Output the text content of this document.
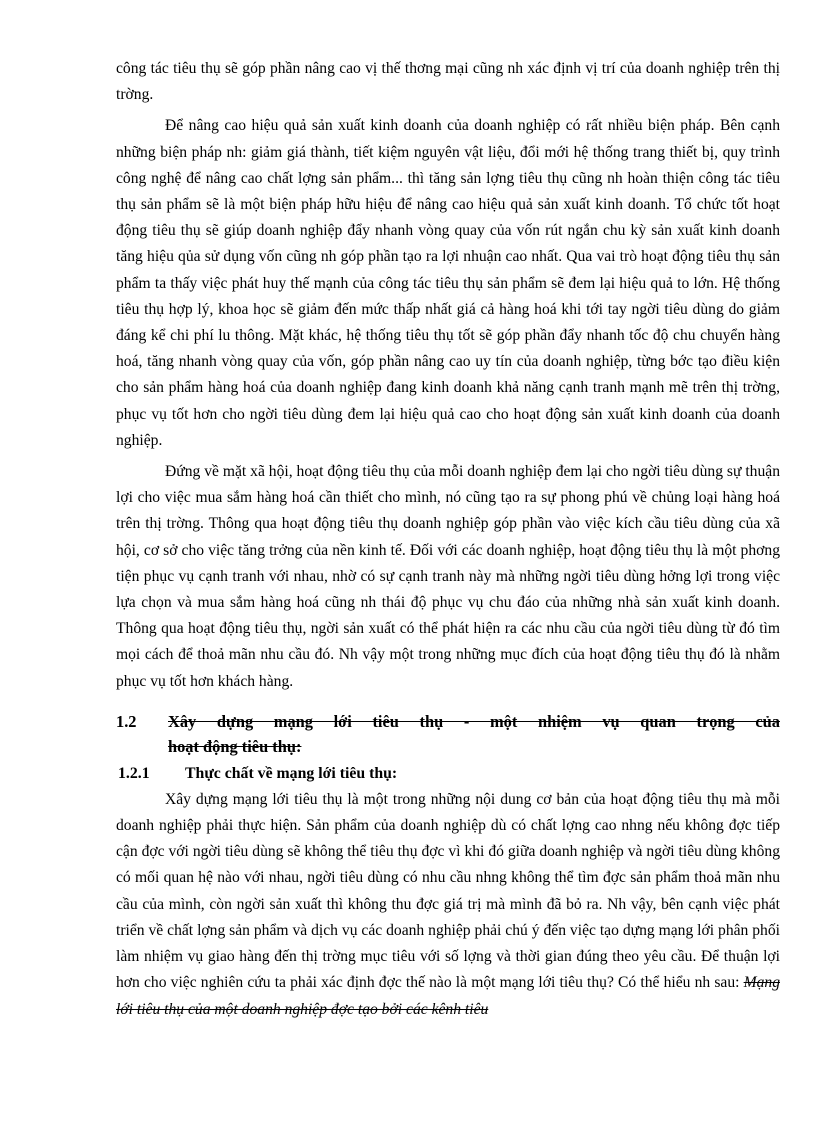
công tác tiêu thụ sẽ góp phần nâng cao vị thế thơng mại cũng nh xác định vị trí của doanh nghiệp trên thị trờng.

Để nâng cao hiệu quả sản xuất kinh doanh của doanh nghiệp có rất nhiều biện pháp. Bên cạnh những biện pháp nh: giảm giá thành, tiết kiệm nguyên vật liệu, đổi mới hệ thống trang thiết bị, quy trình công nghệ để nâng cao chất lợng sản phẩm... thì tăng sản lợng tiêu thụ cũng nh hoàn thiện công tác tiêu thụ sản phẩm sẽ là một biện pháp hữu hiệu để nâng cao hiệu quả sản xuất kinh doanh. Tổ chức tốt hoạt động tiêu thụ sẽ giúp doanh nghiệp đẩy nhanh vòng quay của vốn rút ngắn chu kỳ sản xuất kinh doanh tăng hiệu qủa sử dụng vốn cũng nh góp phần tạo ra lợi nhuận cao nhất. Qua vai trò hoạt động tiêu thụ sản phẩm ta thấy việc phát huy thế mạnh của công tác tiêu thụ sản phẩm sẽ đem lại hiệu quả to lớn. Hệ thống tiêu thụ hợp lý, khoa học sẽ giảm đến mức thấp nhất giá cả hàng hoá khi tới tay ngời tiêu dùng do giảm đáng kể chi phí lu thông. Mặt khác, hệ thống tiêu thụ tốt sẽ góp phần đẩy nhanh tốc độ chu chuyển hàng hoá, tăng nhanh vòng quay của vốn, góp phần nâng cao uy tín của doanh nghiệp, từng bớc tạo điều kiện cho sản phẩm hàng hoá của doanh nghiệp đang kinh doanh khả năng cạnh tranh mạnh mẽ trên thị trờng, phục vụ tốt hơn cho ngời tiêu dùng đem lại hiệu quả cao cho hoạt động sản xuất kinh doanh của doanh nghiệp.

Đứng về mặt xã hội, hoạt động tiêu thụ của mỗi doanh nghiệp đem lại cho ngời tiêu dùng sự thuận lợi cho việc mua sắm hàng hoá cần thiết cho mình, nó cũng tạo ra sự phong phú về chủng loại hàng hoá trên thị trờng. Thông qua hoạt động tiêu thụ doanh nghiệp góp phần vào việc kích cầu tiêu dùng của xã hội, cơ sở cho việc tăng trởng của nền kinh tế. Đối với các doanh nghiệp, hoạt động tiêu thụ là một phơng tiện phục vụ cạnh tranh với nhau, nhờ có sự cạnh tranh này mà những ngời tiêu dùng hởng lợi trong việc lựa chọn và mua sắm hàng hoá cũng nh thái độ phục vụ chu đáo của những nhà sản xuất kinh doanh. Thông qua hoạt động tiêu thụ, ngời sản xuất có thể phát hiện ra các nhu cầu của ngời tiêu dùng từ đó tìm mọi cách để thoả mãn nhu cầu đó. Nh vậy một trong những mục đích của hoạt động tiêu thụ đó là nhằm phục vụ tốt hơn khách hàng.

1.2 Xây dựng mạng lới tiêu thụ - một nhiệm vụ quan trọng của
hoạt động tiêu thụ:
1.2.1 Thực chất về mạng lới tiêu thụ:

Xây dựng mạng lới tiêu thụ là một trong những nội dung cơ bản của hoạt động tiêu thụ mà mỗi doanh nghiệp phải thực hiện. Sản phẩm của doanh nghiệp dù có chất lợng cao nhng nếu không đợc tiếp cận đợc với ngời tiêu dùng sẽ không thể tiêu thụ đợc vì khi đó giữa doanh nghiệp và ngời tiêu dùng không có mối quan hệ nào với nhau, ngời tiêu dùng có nhu cầu nhng không thể tìm đợc sản phẩm thoả mãn nhu cầu của mình, còn ngời sản xuất thì không thu đợc giá trị mà mình đã bỏ ra. Nh vậy, bên cạnh việc phát triển về chất lợng sản phẩm và dịch vụ các doanh nghiệp phải chú ý đến việc tạo dựng mạng lới phân phối làm nhiệm vụ giao hàng đến thị trờng mục tiêu với số lợng và thời gian đúng theo yêu cầu. Để thuận lợi hơn cho việc nghiên cứu ta phải xác định đợc thế nào là một mạng lới tiêu thụ? Có thể hiểu nh sau: Mạng lới tiêu thụ của một doanh nghiệp đợc tạo bởi các kênh tiêu
